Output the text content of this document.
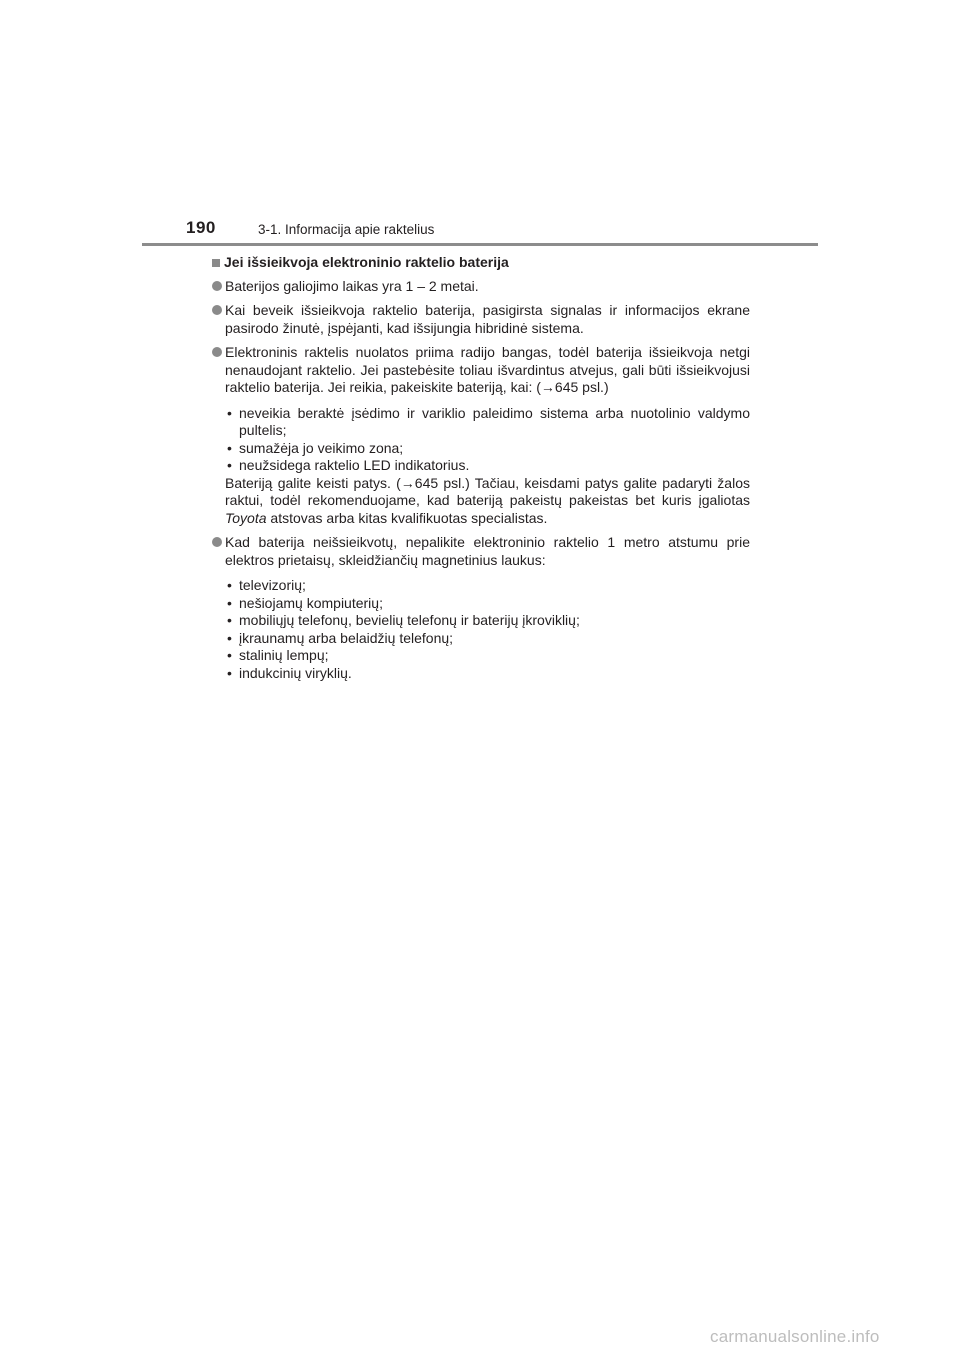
190	3-1. Informacija apie raktelius
Jei išsieikvoja elektroninio raktelio baterija
Baterijos galiojimo laikas yra 1 – 2 metai.
Kai beveik išsieikvoja raktelio baterija, pasigirsta signalas ir informacijos ekrane pasirodo žinutė, įspėjanti, kad išsijungia hibridinė sistema.
Elektroninis raktelis nuolatos priima radijo bangas, todėl baterija išsieikvoja netgi nenaudojant raktelio. Jei pastebėsite toliau išvardintus atvejus, gali būti išsieikvojusi raktelio baterija. Jei reikia, pakeiskite bateriją, kai: (→645 psl.)
• neveikia beraktė įsėdimo ir variklio paleidimo sistema arba nuotolinio valdymo pultelis;
• sumažėja jo veikimo zona;
• neužsidega raktelio LED indikatorius.

Bateriją galite keisti patys. (→645 psl.) Tačiau, keisdami patys galite padaryti žalos raktui, todėl rekomenduojame, kad bateriją pakeistų pakeistas bet kuris įgaliotas Toyota atstovas arba kitas kvalifikuotas specialistas.

Kad baterija neišsieikvotų, nepalikite elektroninio raktelio 1 metro atstumu prie elektros prietaisų, skleidžiančių magnetinius laukus:
• televizorių;
• nešiojamų kompiuterių;
• mobiliųjų telefonų, bevielių telefonų ir baterijų įkroviklių;
• įkraunamų arba belaidžių telefonų;
• stalinių lempų;
• indukcinių viryklių.
carmanualsonline.info
